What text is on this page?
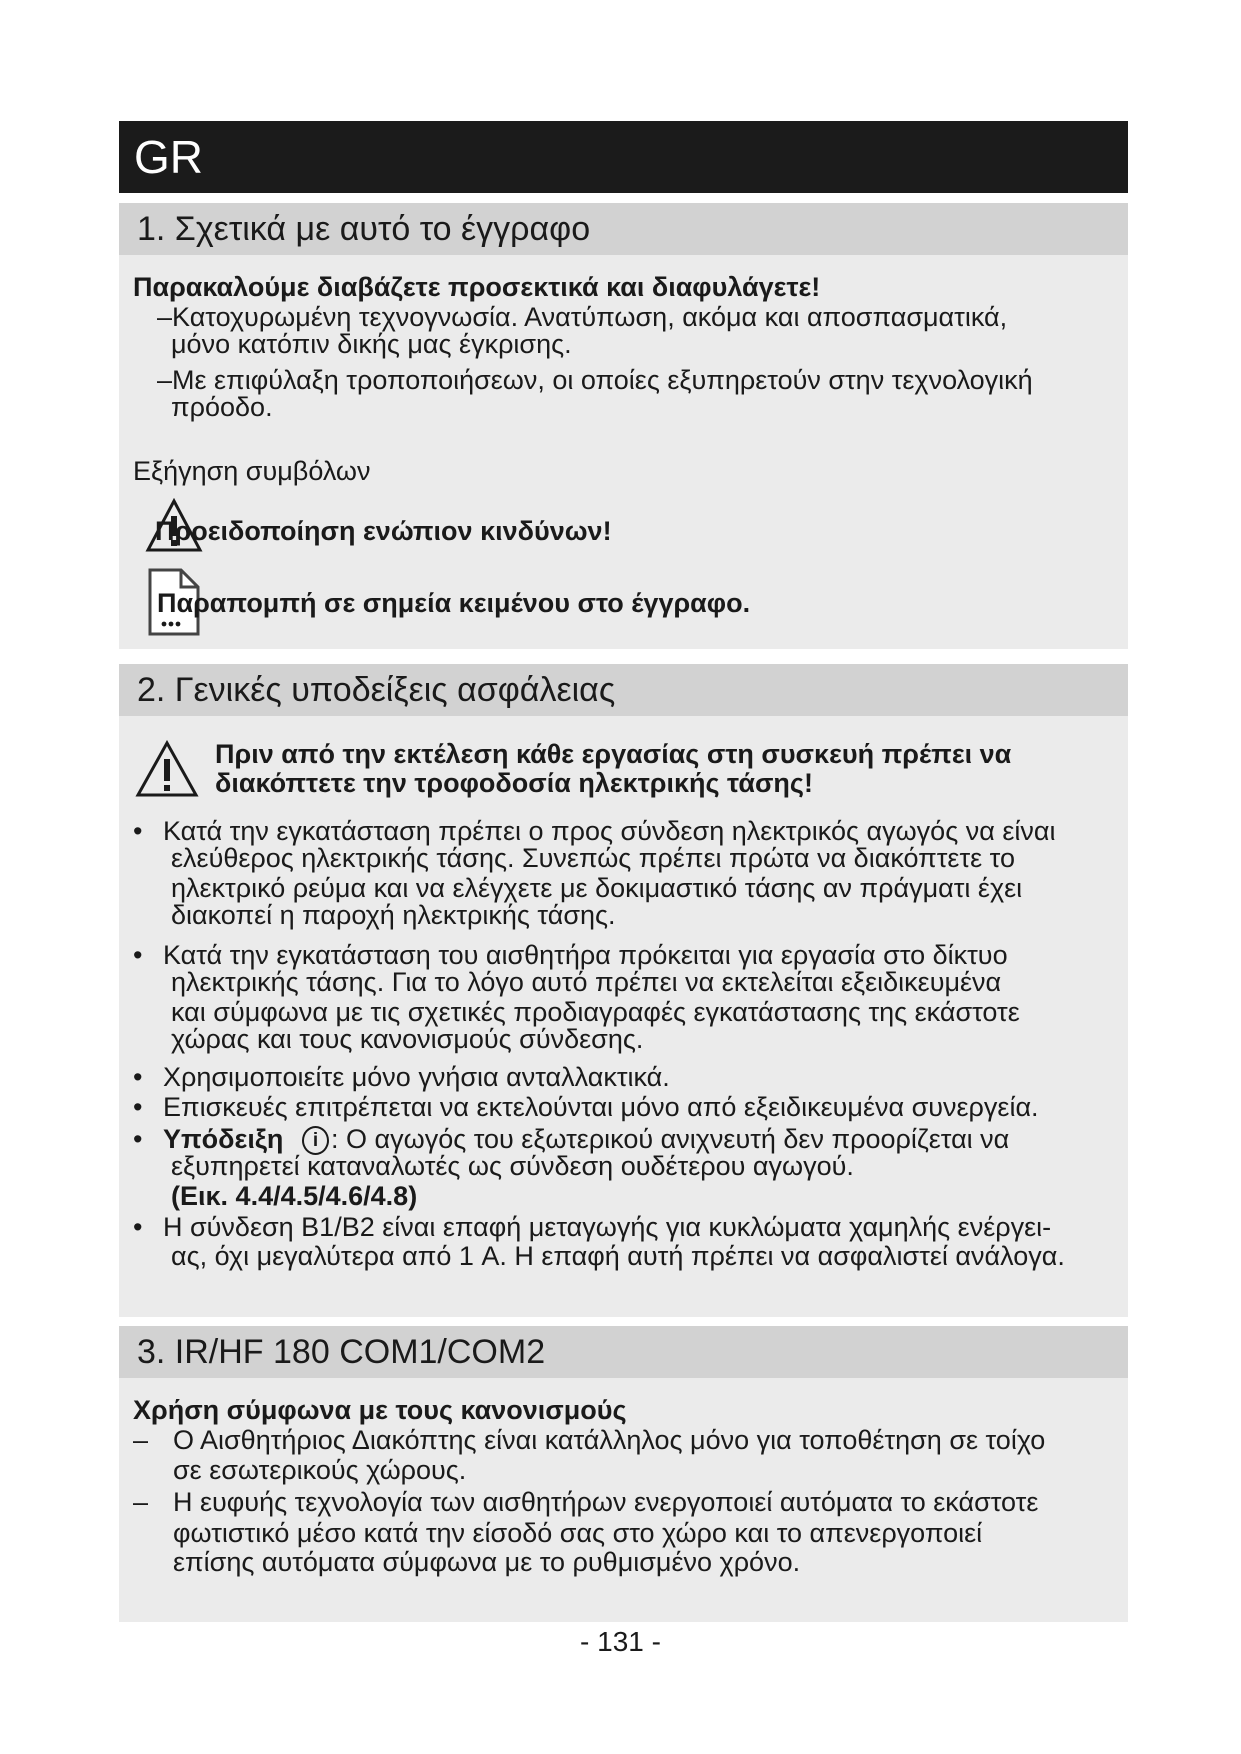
GR
1. Σχετικά με αυτό το έγγραφο
Παρακαλούμε διαβάζετε προσεκτικά και διαφυλάγετε!
–Κατοχυρωμένη τεχνογνωσία. Ανατύπωση, ακόμα και αποσπασματικά,
μόνο κατόπιν δικής μας έγκρισης.
–Με επιφύλαξη τροποποιήσεων, οι οποίες εξυπηρετούν στην τεχνολογική
πρόοδο.
Εξήγηση συμβόλων
Προειδοποίηση ενώπιον κινδύνων!
Παραπομπή σε σημεία κειμένου στο έγγραφο.
2. Γενικές υποδείξεις ασφάλειας
Πριν από την εκτέλεση κάθε εργασίας στη συσκευή πρέπει να
διακόπτετε την τροφοδοσία ηλεκτρικής τάσης!
• Κατά την εγκατάσταση πρέπει ο προς σύνδεση ηλεκτρικός αγωγός να είναι
ελεύθερος ηλεκτρικής τάσης. Συνεπώς πρέπει πρώτα να διακόπτετε το
ηλεκτρικό ρεύμα και να ελέγχετε με δοκιμαστικό τάσης αν πράγματι έχει
διακοπεί η παροχή ηλεκτρικής τάσης.
• Κατά την εγκατάσταση του αισθητήρα πρόκειται για εργασία στο δίκτυο
ηλεκτρικής τάσης. Για το λόγο αυτό πρέπει να εκτελείται εξειδικευμένα
και σύμφωνα με τις σχετικές προδιαγραφές εγκατάστασης της εκάστοτε
χώρας και τους κανονισμούς σύνδεσης.
• Χρησιμοποιείτε μόνο γνήσια ανταλλακτικά.
• Επισκευές επιτρέπεται να εκτελούνται μόνο από εξειδικευμένα συνεργεία.
• Υπόδειξη	i : Ο αγωγός του εξωτερικού ανιχνευτή δεν προορίζεται να
εξυπηρετεί καταναλωτές ως σύνδεση ουδέτερου αγωγού.
(Εικ. 4.4/4.5/4.6/4.8)
• Η σύνδεση B1/B2 είναι επαφή μεταγωγής για κυκλώματα χαμηλής ενέργει-
ας, όχι μεγαλύτερα από 1 A. Η επαφή αυτή πρέπει να ασφαλιστεί ανάλογα.
3. IR/HF 180 COM1/COM2
Χρήση σύμφωνα με τους κανονισμούς
– Ο Αισθητήριος Διακόπτης είναι κατάλληλος μόνο για τοποθέτηση σε τοίχο
σε εσωτερικούς χώρους.
– Η ευφυής τεχνολογία των αισθητήρων ενεργοποιεί αυτόματα το εκάστοτε
φωτιστικό μέσο κατά την είσοδό σας στο χώρο και το απενεργοποιεί
επίσης αυτόματα σύμφωνα με το ρυθμισμένο χρόνο.
- 131 -
